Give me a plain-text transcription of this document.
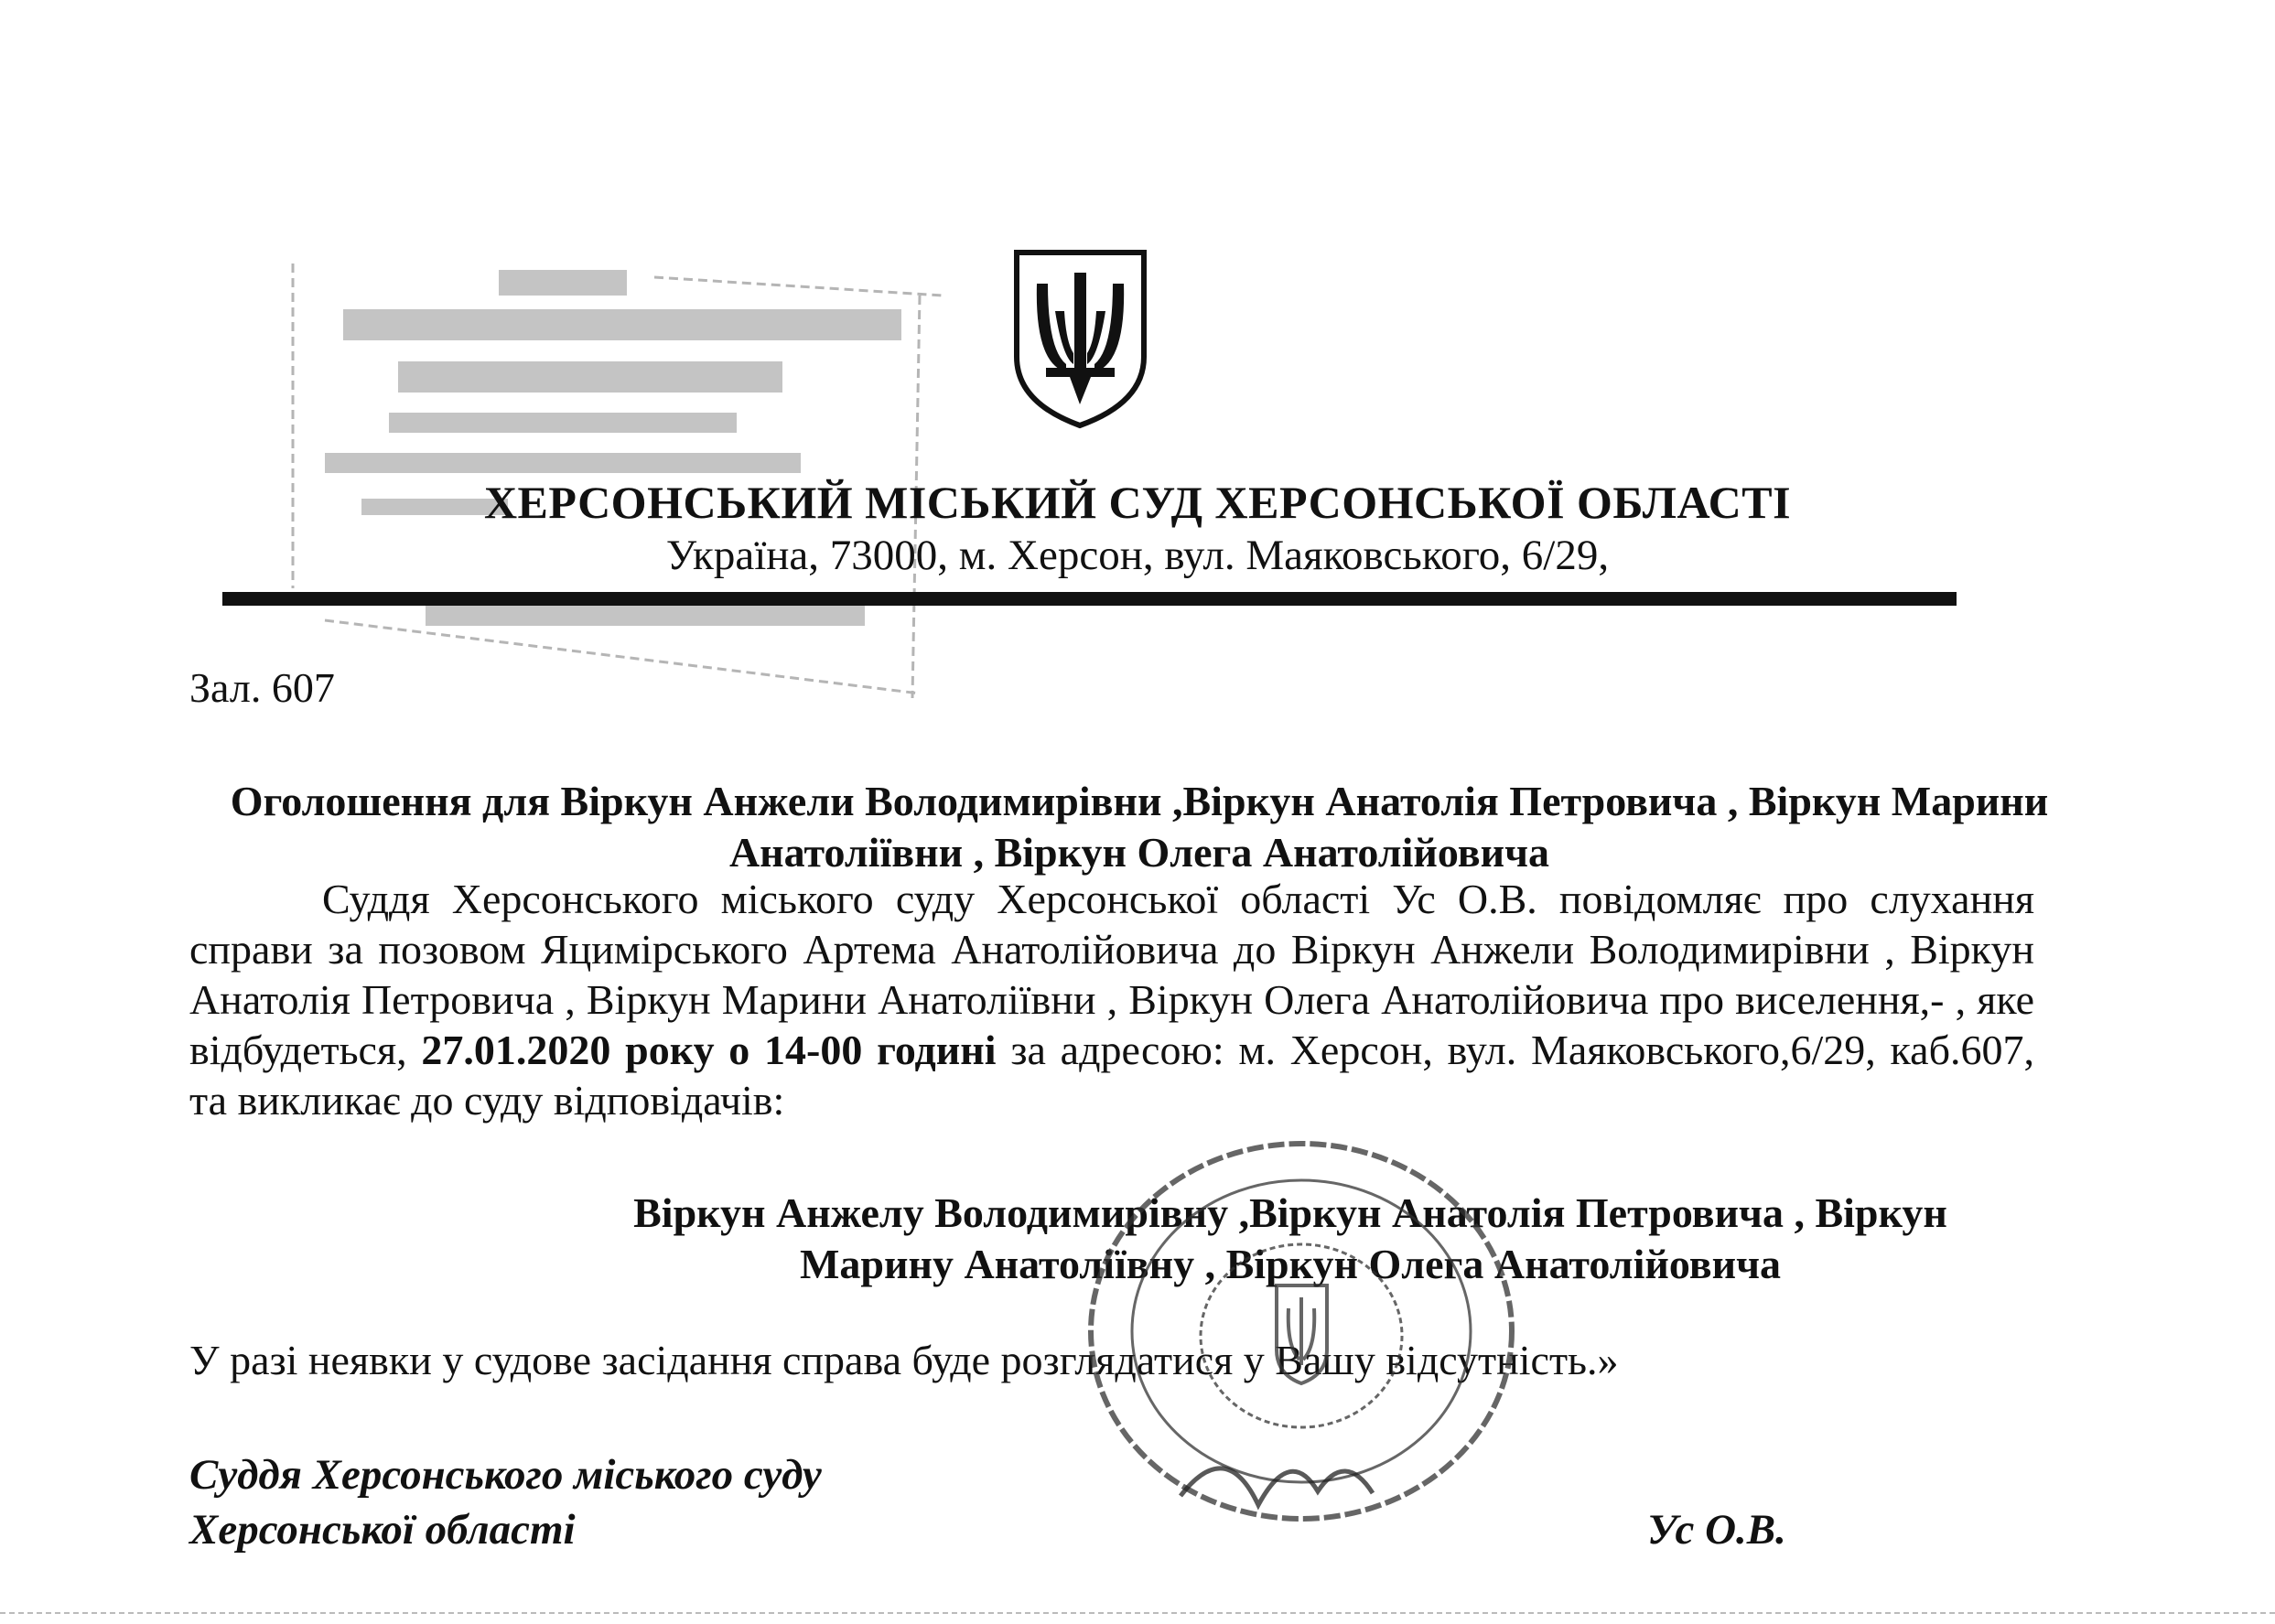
ХЕРСОНСЬКИЙ МІСЬКИЙ СУД ХЕРСОНСЬКОЇ ОБЛАСТІ
Україна, 73000, м. Херсон, вул. Маяковського, 6/29,
Зал. 607
Оголошення для Віркун Анжели Володимирівни ,Віркун Анатолія Петровича , Віркун Марини Анатоліївни , Віркун Олега Анатолійовича
Суддя Херсонського міського суду Херсонської області Ус О.В. повідомляє про слухання справи за позовом Яцимірського Артема Анатолійовича до Віркун Анжели Володимирівни , Віркун Анатолія Петровича , Віркун Марини Анатоліївни , Віркун Олега Анатолійовича про виселення,- , яке відбудеться, 27.01.2020 року о 14-00 годині за адресою: м. Херсон, вул. Маяковського,6/29, каб.607, та викликає до суду відповідачів:
Віркун Анжелу Володимирівну ,Віркун Анатолія Петровича , Віркун Марину Анатоліївну , Віркун Олега Анатолійовича
У разі неявки у судове засідання справа буде розглядатися у Вашу відсутність.»
Суддя Херсонського міського суду
Херсонської області	Ус О.В.
